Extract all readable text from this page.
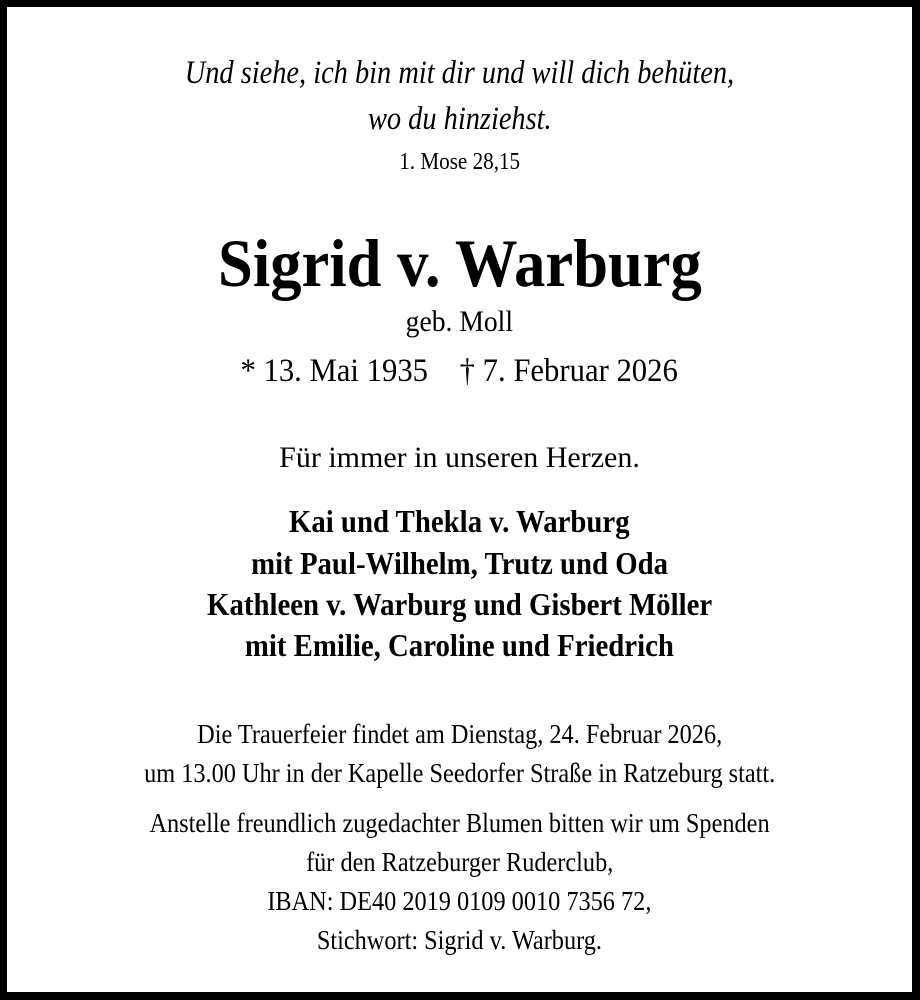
Und siehe, ich bin mit dir und will dich behüten,
wo du hinziehst.
1. Mose 28,15
Sigrid v. Warburg
geb. Moll
* 13. Mai 1935 † 7. Februar 2026
Für immer in unseren Herzen.
Kai und Thekla v. Warburg
mit Paul-Wilhelm, Trutz und Oda
Kathleen v. Warburg und Gisbert Möller
mit Emilie, Caroline und Friedrich
Die Trauerfeier findet am Dienstag, 24. Februar 2026,
um 13.00 Uhr in der Kapelle Seedorfer Straße in Ratzeburg statt.
Anstelle freundlich zugedachter Blumen bitten wir um Spenden
für den Ratzeburger Ruderclub,
IBAN: DE40 2019 0109 0010 7356 72,
Stichwort: Sigrid v. Warburg.
